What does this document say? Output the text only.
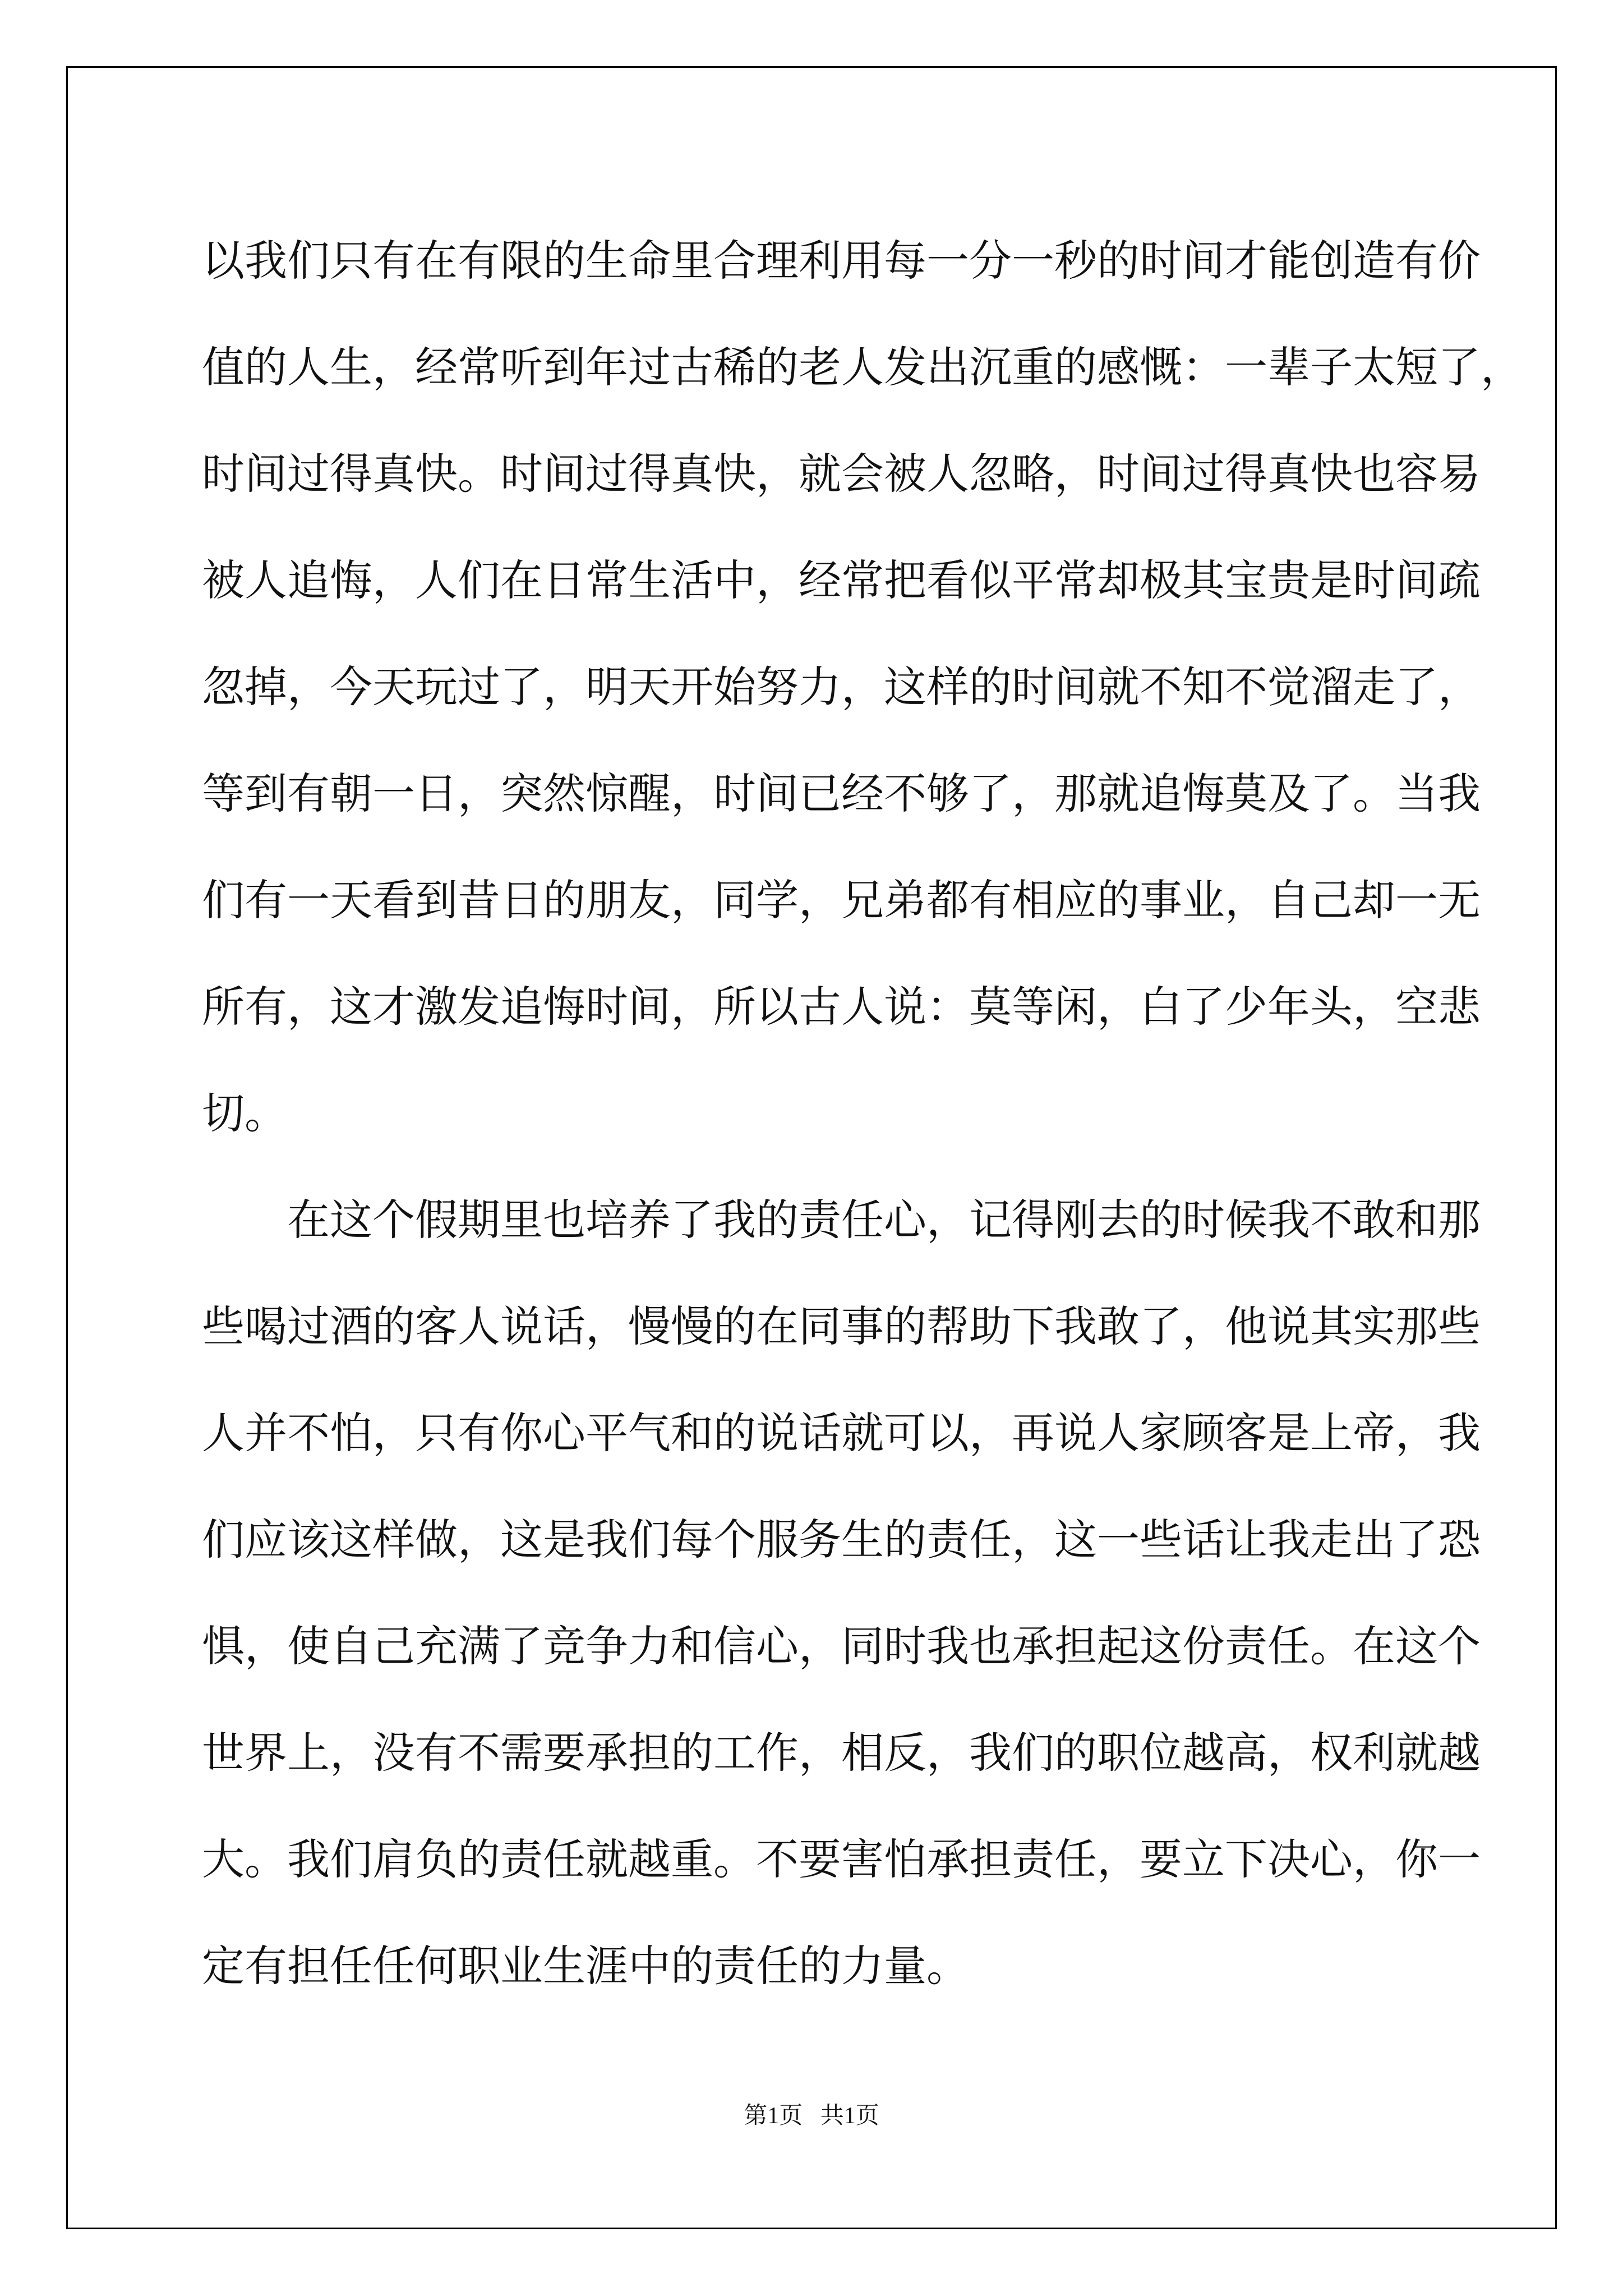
以我们只有在有限的生命里合理利用每一分一秒的时间才能创造有价
值的人生，经常听到年过古稀的老人发出沉重的感慨：一辈子太短了，
时间过得真快。时间过得真快，就会被人忽略，时间过得真快也容易
被人追悔，人们在日常生活中，经常把看似平常却极其宝贵是时间疏
忽掉，今天玩过了，明天开始努力，这样的时间就不知不觉溜走了，
等到有朝一日，突然惊醒，时间已经不够了，那就追悔莫及了。当我
们有一天看到昔日的朋友，同学，兄弟都有相应的事业，自己却一无
所有，这才激发追悔时间，所以古人说：莫等闲，白了少年头，空悲
切。
在这个假期里也培养了我的责任心，记得刚去的时候我不敢和那
些喝过酒的客人说话，慢慢的在同事的帮助下我敢了，他说其实那些
人并不怕，只有你心平气和的说话就可以，再说人家顾客是上帝，我
们应该这样做，这是我们每个服务生的责任，这一些话让我走出了恐
惧，使自己充满了竞争力和信心，同时我也承担起这份责任。在这个
世界上，没有不需要承担的工作，相反，我们的职位越高，权利就越
大。我们肩负的责任就越重。不要害怕承担责任，要立下决心，你一
定有担任任何职业生涯中的责任的力量。
第1页   共1页
